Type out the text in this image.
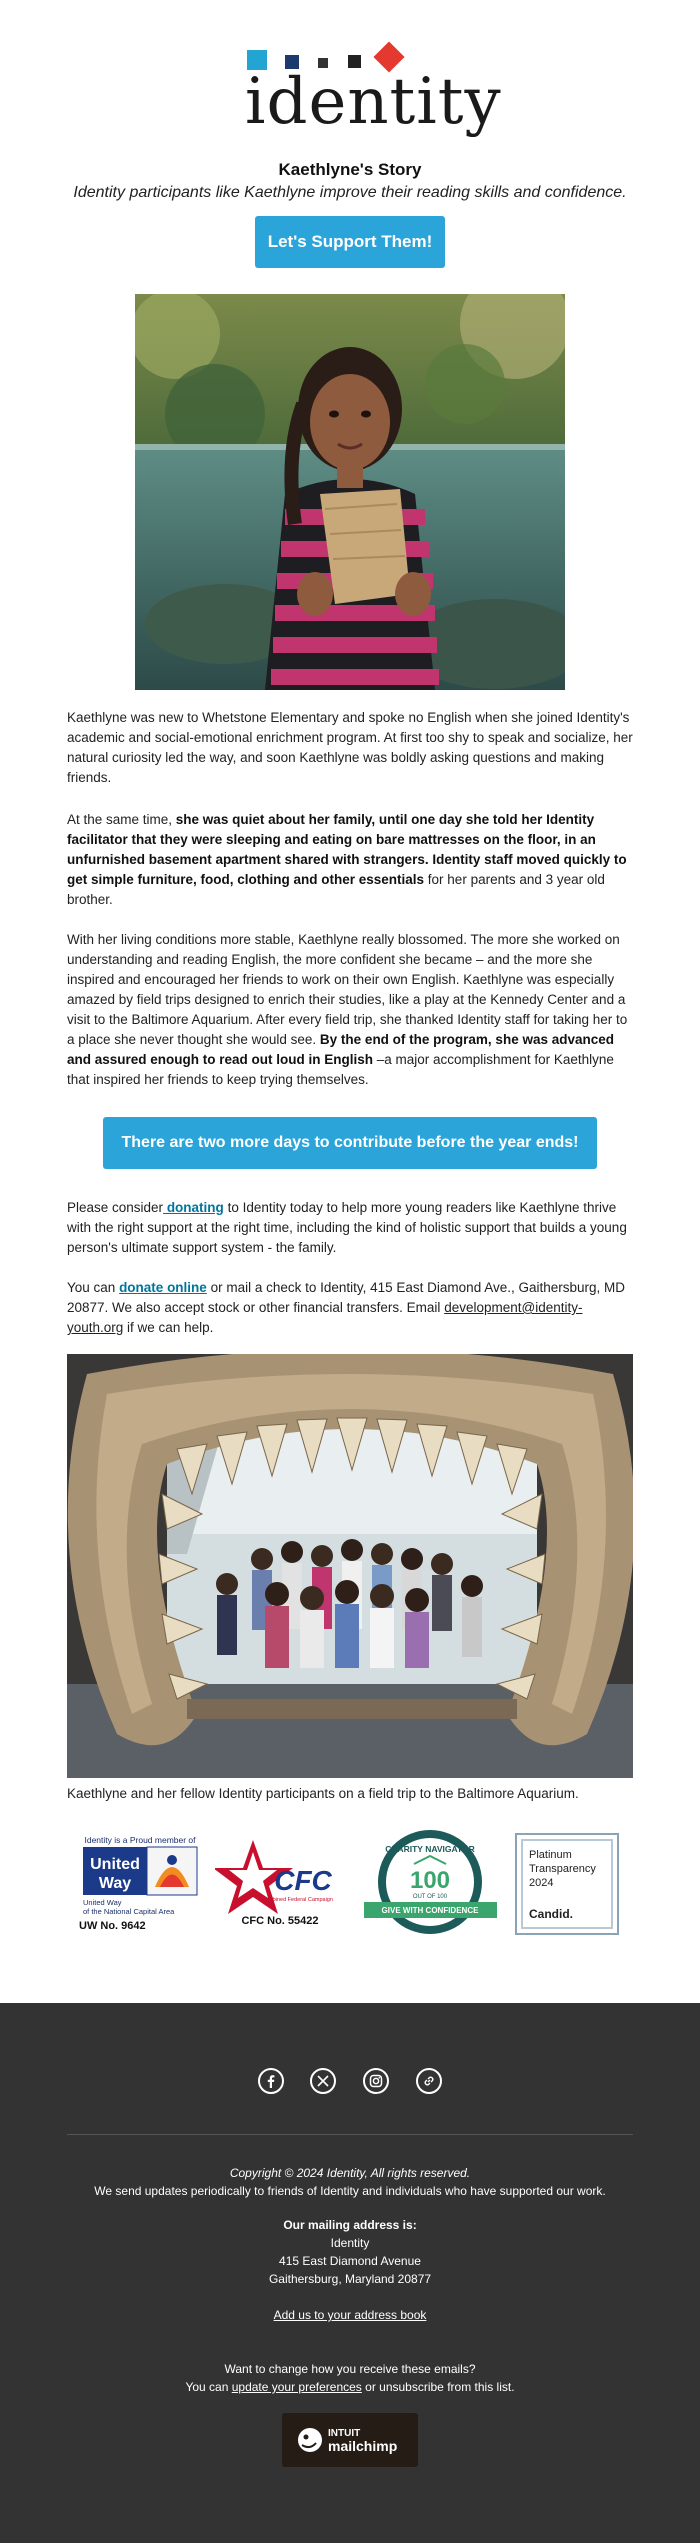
identity
Kaethlyne's Story
Identity participants like Kaethlyne improve their reading skills and confidence.
Let's Support Them!
Kaethlyne was new to Whetstone Elementary and spoke no English when she joined Identity's academic and social-emotional enrichment program. At first too shy to speak and socialize, her natural curiosity led the way, and soon Kaethlyne was boldly asking questions and making friends.
At the same time, she was quiet about her family, until one day she told her Identity facilitator that they were sleeping and eating on bare mattresses on the floor, in an unfurnished basement apartment shared with strangers. Identity staff moved quickly to get simple furniture, food, clothing and other essentials for her parents and 3 year old brother.
With her living conditions more stable, Kaethlyne really blossomed. The more she worked on understanding and reading English, the more confident she became – and the more she inspired and encouraged her friends to work on their own English. Kaethlyne was especially amazed by field trips designed to enrich their studies, like a play at the Kennedy Center and a visit to the Baltimore Aquarium. After every field trip, she thanked Identity staff for taking her to a place she never thought she would see. By the end of the program, she was advanced and assured enough to read out loud in English –a major accomplishment for Kaethlyne that inspired her friends to keep trying themselves.
There are two more days to contribute before the year ends!
Please consider donating to Identity today to help more young readers like Kaethlyne thrive with the right support at the right time, including the kind of holistic support that builds a young person's ultimate support system - the family.
You can donate online or mail a check to Identity, 415 East Diamond Ave., Gaithersburg, MD 20877. We also accept stock or other financial transfers. Email development@identity-youth.org if we can help.
Kaethlyne and her fellow Identity participants on a field trip to the Baltimore Aquarium.
Identity is a Proud member of
United
Way
United Way
of the National Capital Area
UW No. 9642
CFC
Combined Federal Campaign
CFC No. 55422
CHARITY NAVIGATOR
100
OUT OF 100
GIVE WITH CONFIDENCE
Platinum
Transparency
2024
Candid.
Copyright © 2024 Identity, All rights reserved.
We send updates periodically to friends of Identity and individuals who have supported our work.
Our mailing address is:
Identity
415 East Diamond Avenue
Gaithersburg, Maryland 20877
Add us to your address book
Want to change how you receive these emails?
You can update your preferences or unsubscribe from this list.
INTUIT
mailchimp
